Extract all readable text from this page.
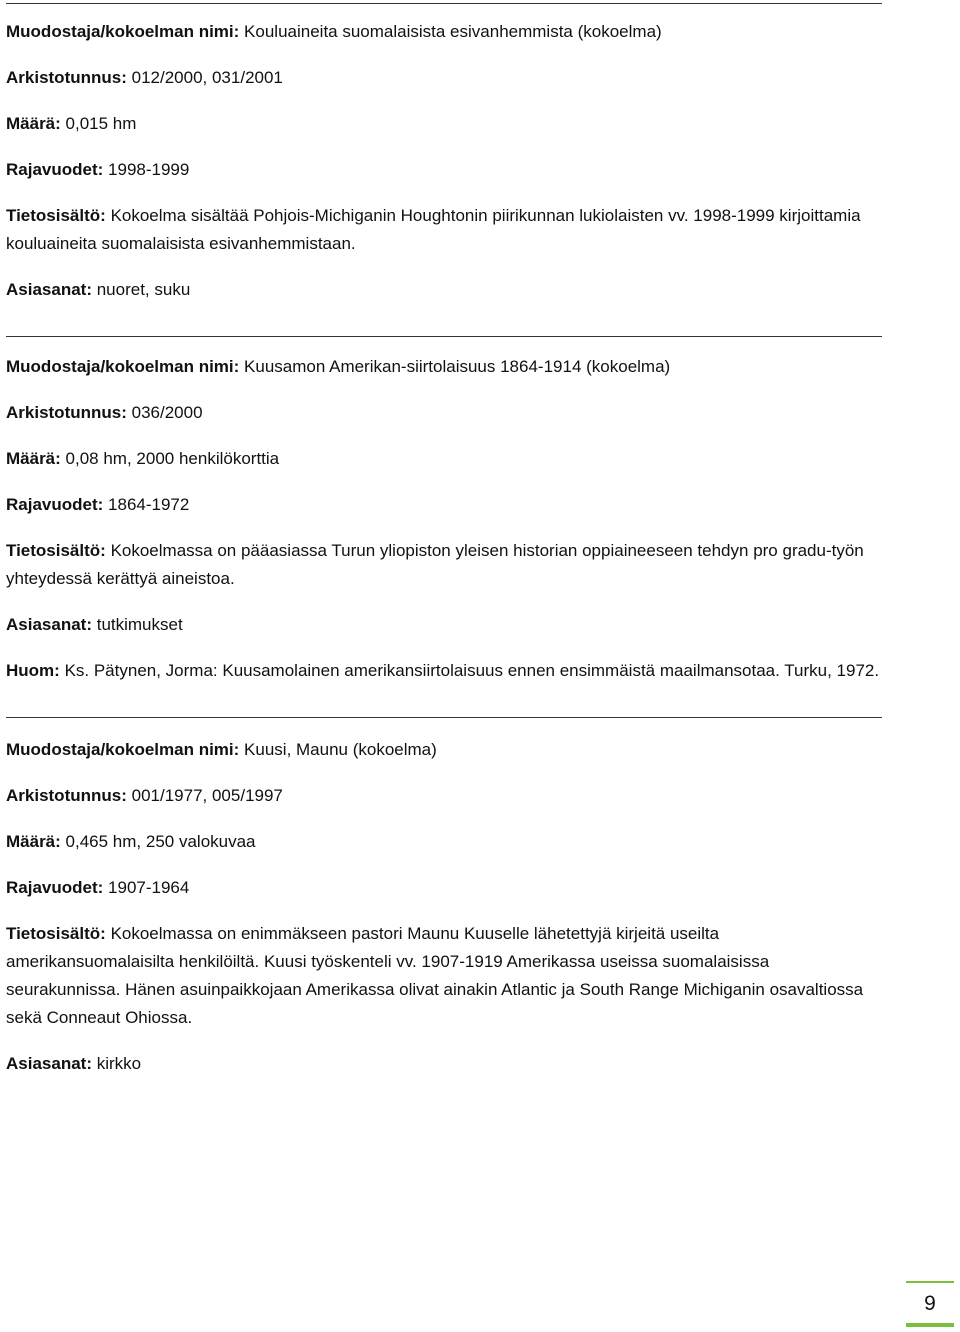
Muodostaja/kokoelman nimi: Kouluaineita suomalaisista esivanhemmista (kokoelma)

Arkistotunnus: 012/2000, 031/2001

Määrä: 0,015 hm

Rajavuodet: 1998-1999

Tietosisältö: Kokoelma sisältää Pohjois-Michiganin Houghtonin piirikunnan lukiolaisten vv. 1998-1999 kirjoittamia kouluaineita suomalaisista esivanhemmistaan.

Asiasanat: nuoret, suku

Muodostaja/kokoelman nimi: Kuusamon Amerikan-siirtolaisuus 1864-1914 (kokoelma)

Arkistotunnus: 036/2000

Määrä: 0,08 hm, 2000 henkilökorttia

Rajavuodet: 1864-1972

Tietosisältö: Kokoelmassa on pääasiassa Turun yliopiston yleisen historian oppiaineeseen tehdyn pro gradu-työn yhteydessä kerättyä aineistoa.

Asiasanat: tutkimukset

Huom: Ks. Pätynen, Jorma: Kuusamolainen amerikansiirtolaisuus ennen ensimmäistä maailmansotaa. Turku, 1972.

Muodostaja/kokoelman nimi: Kuusi, Maunu (kokoelma)

Arkistotunnus: 001/1977, 005/1997

Määrä: 0,465 hm, 250 valokuvaa

Rajavuodet: 1907-1964

Tietosisältö: Kokoelmassa on enimmäkseen pastori Maunu Kuuselle lähetettyjä kirjeitä useilta amerikansuomalaisilta henkilöiltä. Kuusi työskenteli vv. 1907-1919 Amerikassa useissa suomalaisissa seurakunnissa. Hänen asuinpaikkojaan Amerikassa olivat ainakin Atlantic ja South Range Michiganin osavaltiossa sekä Conneaut Ohiossa.

Asiasanat: kirkko

9
